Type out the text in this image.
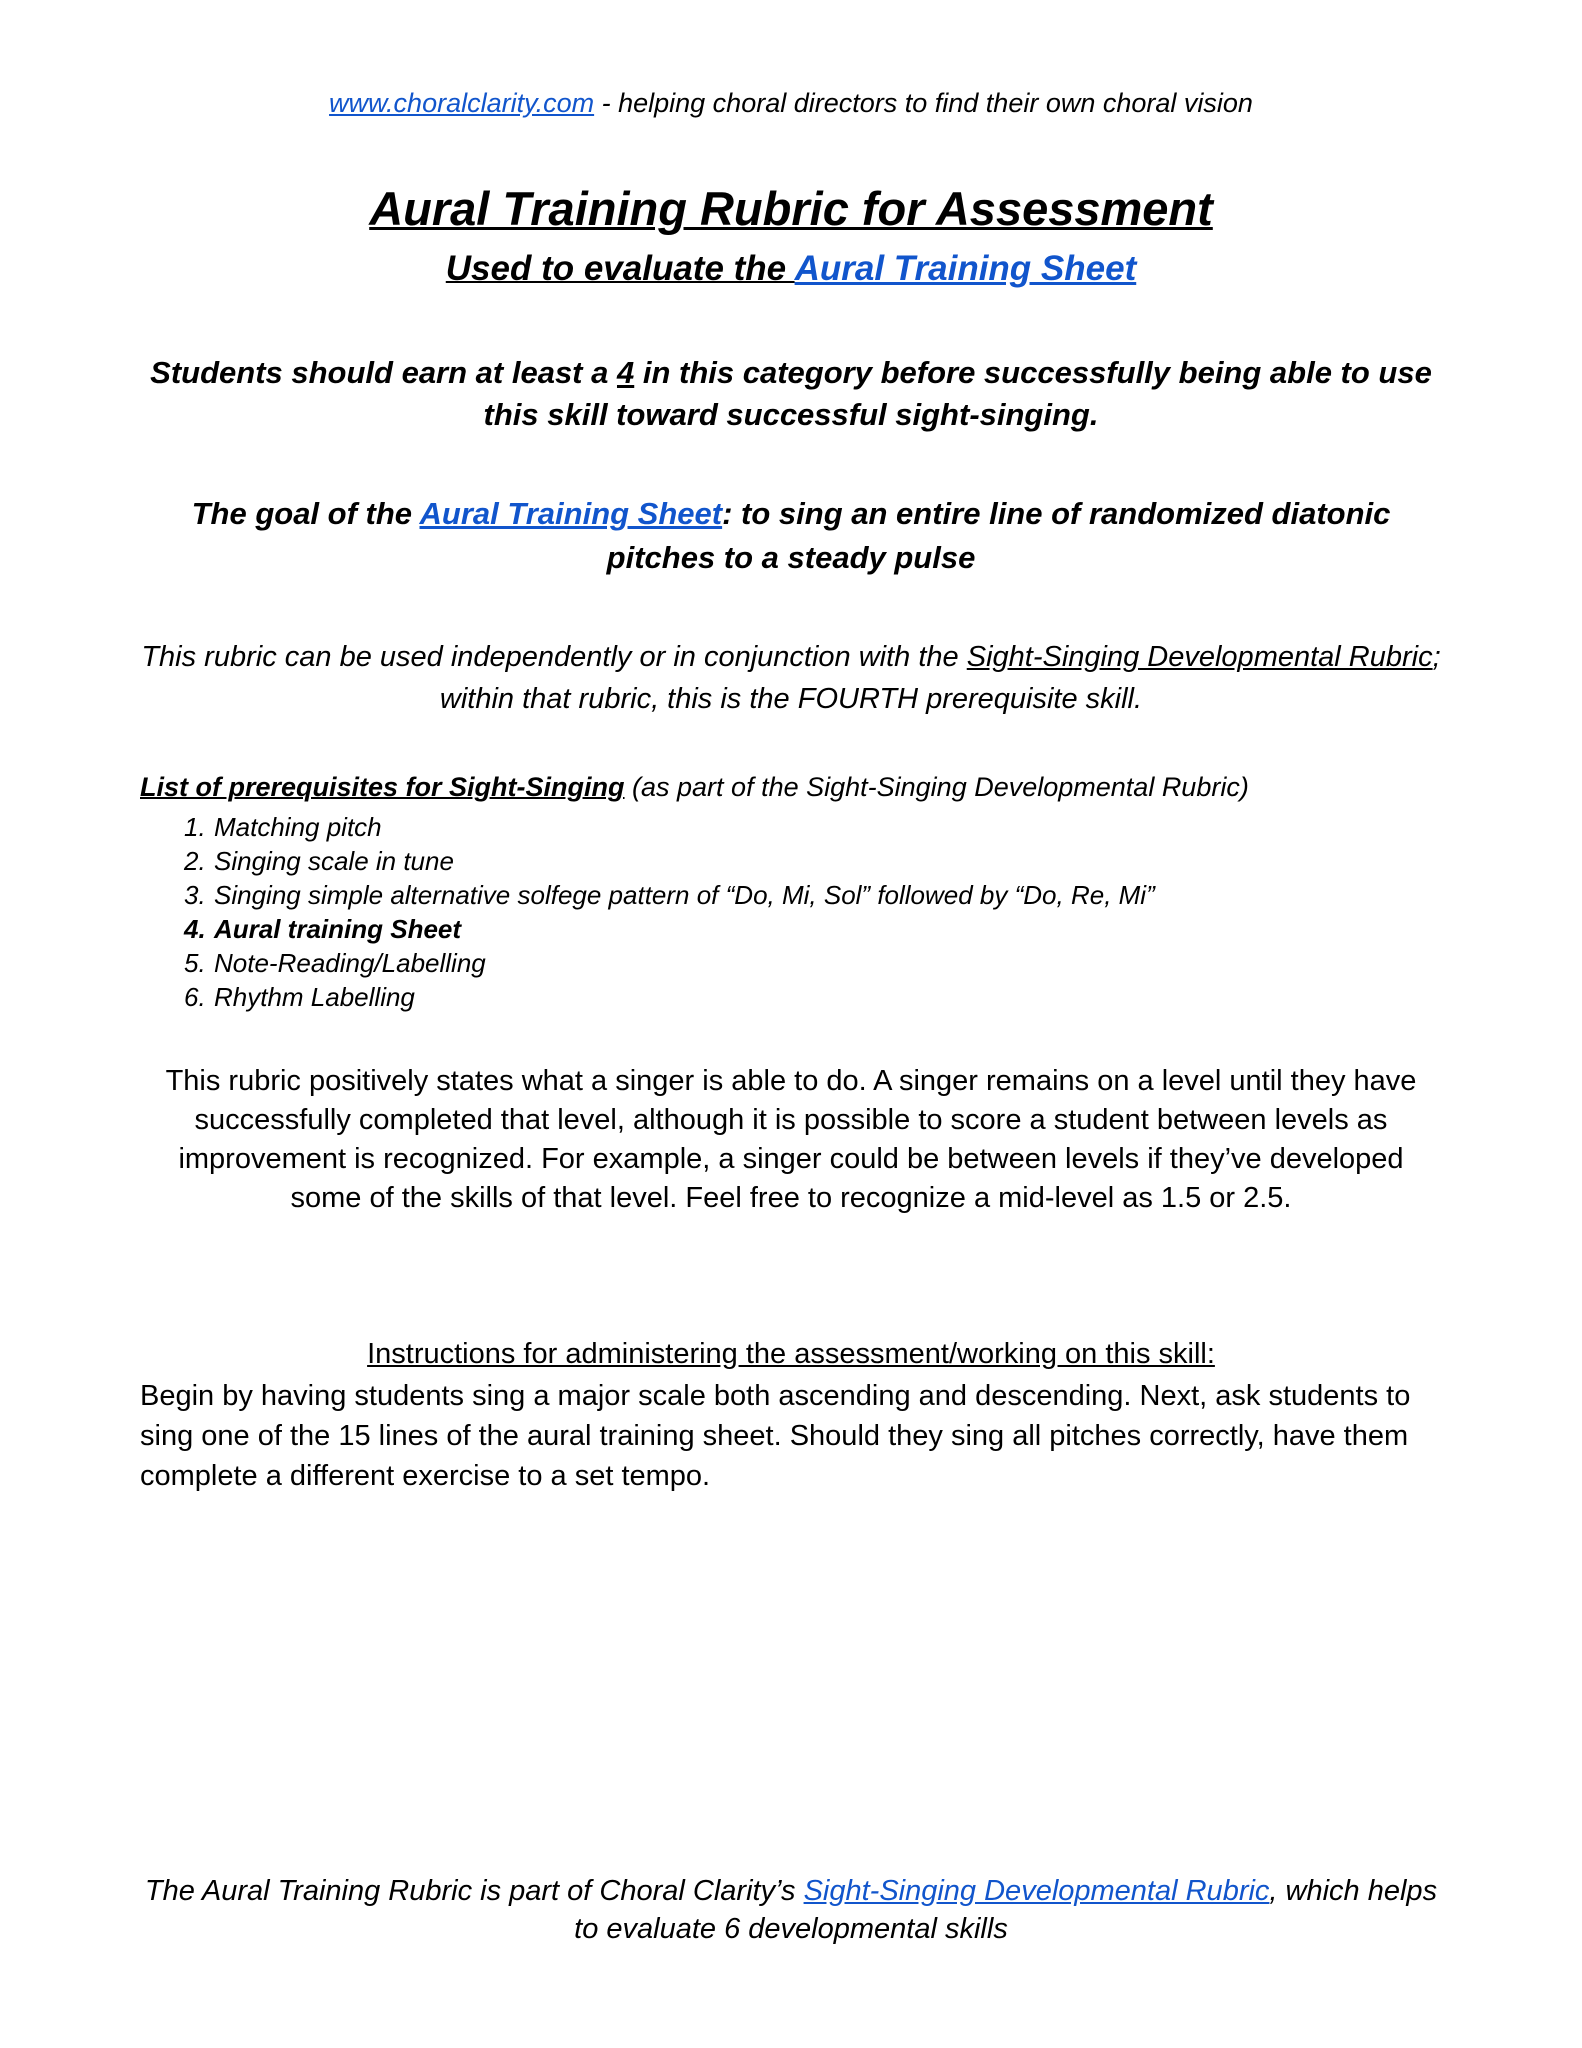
www.choralclarity.com - helping choral directors to find their own choral vision
Aural Training Rubric for Assessment
Used to evaluate the Aural Training Sheet
Students should earn at least a 4 in this category before successfully being able to use this skill toward successful sight-singing.
The goal of the Aural Training Sheet: to sing an entire line of randomized diatonic pitches to a steady pulse
This rubric can be used independently or in conjunction with the Sight-Singing Developmental Rubric; within that rubric, this is the FOURTH prerequisite skill.
List of prerequisites for Sight-Singing (as part of the Sight-Singing Developmental Rubric)
1. Matching pitch
2. Singing scale in tune
3. Singing simple alternative solfege pattern of “Do, Mi, Sol” followed by “Do, Re, Mi”
4. Aural training Sheet
5. Note-Reading/Labelling
6. Rhythm Labelling
This rubric positively states what a singer is able to do. A singer remains on a level until they have successfully completed that level, although it is possible to score a student between levels as improvement is recognized. For example, a singer could be between levels if they’ve developed some of the skills of that level. Feel free to recognize a mid-level as 1.5 or 2.5.
Instructions for administering the assessment/working on this skill:
Begin by having students sing a major scale both ascending and descending. Next, ask students to sing one of the 15 lines of the aural training sheet. Should they sing all pitches correctly, have them complete a different exercise to a set tempo.
The Aural Training Rubric is part of Choral Clarity’s Sight-Singing Developmental Rubric, which helps to evaluate 6 developmental skills
